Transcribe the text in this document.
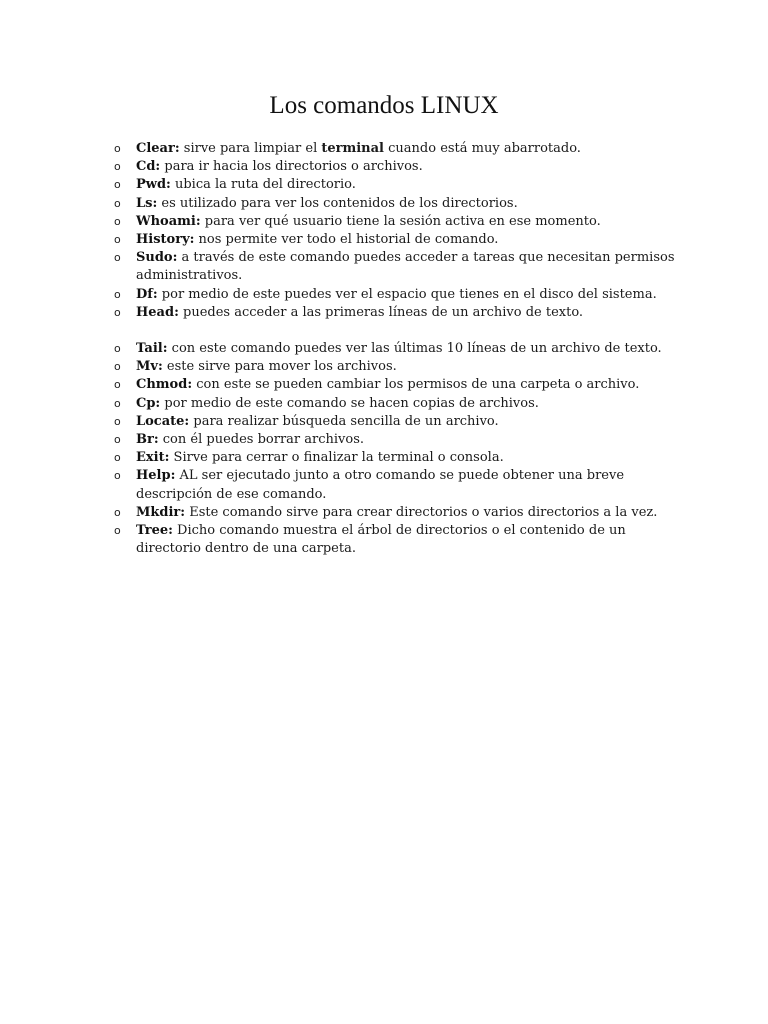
Los comandos LINUX
o Clear: sirve para limpiar el terminal cuando está muy abarrotado.
o Cd: para ir hacia los directorios o archivos.
o Pwd: ubica la ruta del directorio.
o Ls: es utilizado para ver los contenidos de los directorios.
o Whoami: para ver qué usuario tiene la sesión activa en ese momento.
o History: nos permite ver todo el historial de comando.
o Sudo: a través de este comando puedes acceder a tareas que necesitan permisos administrativos.
o Df: por medio de este puedes ver el espacio que tienes en el disco del sistema.
o Head: puedes acceder a las primeras líneas de un archivo de texto.
o Tail: con este comando puedes ver las últimas 10 líneas de un archivo de texto.
o Mv: este sirve para mover los archivos.
o Chmod: con este se pueden cambiar los permisos de una carpeta o archivo.
o Cp: por medio de este comando se hacen copias de archivos.
o Locate: para realizar búsqueda sencilla de un archivo.
o Br: con él puedes borrar archivos.
o Exit: Sirve para cerrar o finalizar la terminal o consola.
o Help: AL ser ejecutado junto a otro comando se puede obtener una breve descripción de ese comando.
o Mkdir: Este comando sirve para crear directorios o varios directorios a la vez.
o Tree: Dicho comando muestra el árbol de directorios o el contenido de un directorio dentro de una carpeta.
